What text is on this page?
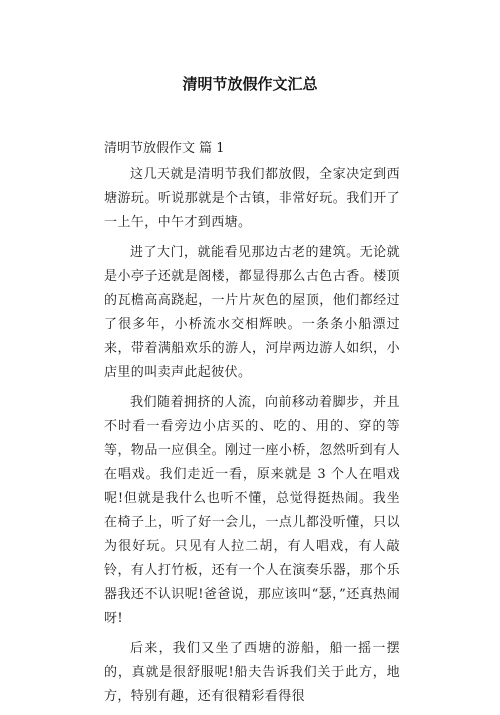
清明节放假作文汇总
清明节放假作文 篇 1

这几天就是清明节我们都放假，全家决定到西塘游玩。听说那就是个古镇，非常好玩。我们开了一上午，中午才到西塘。

进了大门，就能看见那边古老的建筑。无论就是小亭子还就是阁楼，都显得那么古色古香。楼顶的瓦檐高高跷起，一片片灰色的屋顶，他们都经过了很多年，小桥流水交相辉映。一条条小船漂过来，带着满船欢乐的游人，河岸两边游人如织，小店里的叫卖声此起彼伏。

我们随着拥挤的人流，向前移动着脚步，并且不时看一看旁边小店买的、吃的、用的、穿的等等，物品一应俱全。刚过一座小桥，忽然听到有人在唱戏。我们走近一看，原来就是 3 个人在唱戏呢!但就是我什么也听不懂，总觉得挺热闹。我坐在椅子上，听了好一会儿，一点儿都没听懂，只以为很好玩。只见有人拉二胡，有人唱戏，有人敲铃，有人打竹板，还有一个人在演奏乐器，那个乐器我还不认识呢!爸爸说，那应该叫“瑟，”还真热闹呀!

后来，我们又坐了西塘的游船，船一摇一摆的，真就是很舒服呢!船夫告诉我们关于此方，地方，特别有趣，还有很精彩看得很
